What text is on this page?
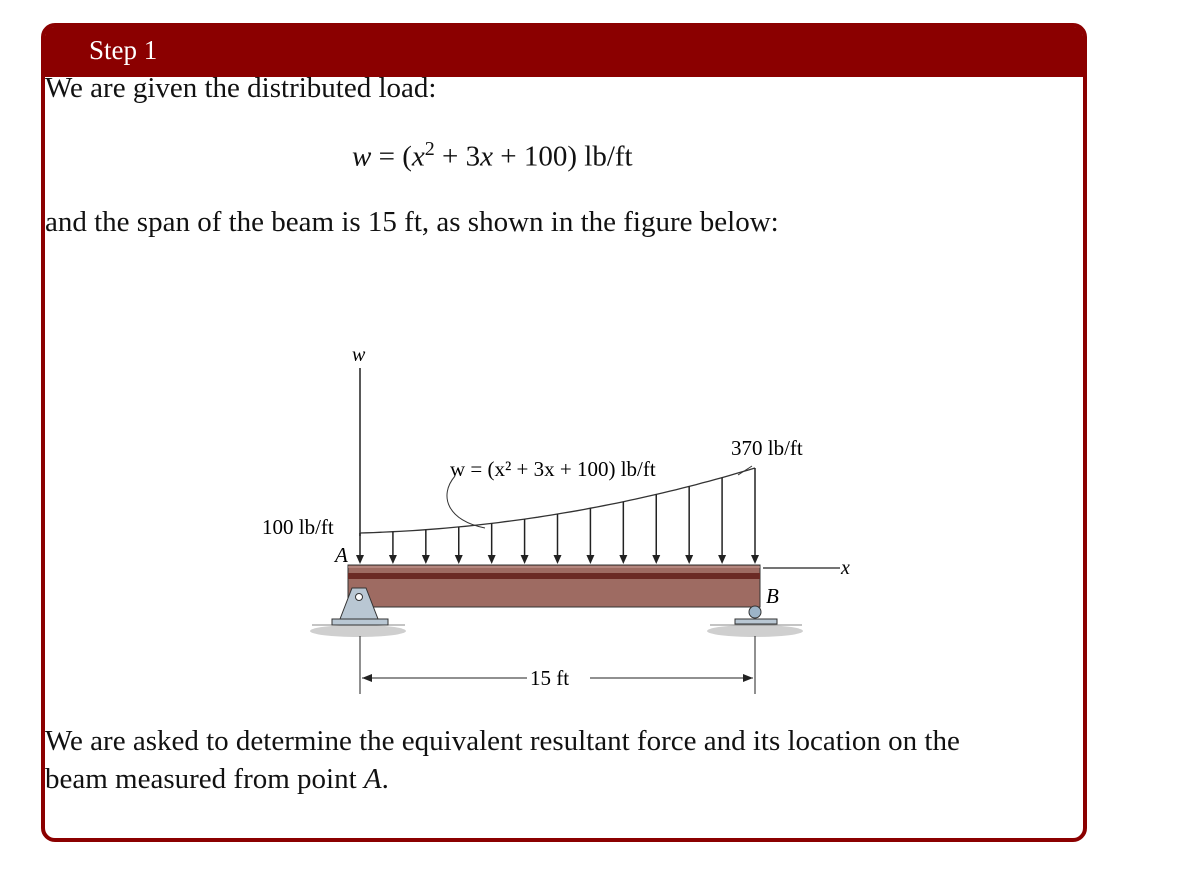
Step 1
We are given the distributed load:
$w = (x^2 + 3x + 100)$ lb/ft
and the span of the beam is 15 ft, as shown in the figure below:
w
x
w = (x² + 3x + 100) lb/ft
370 lb/ft
100 lb/ft
A
B
15 ft
We are asked to determine the equivalent resultant force and its location on the beam measured from point A.
